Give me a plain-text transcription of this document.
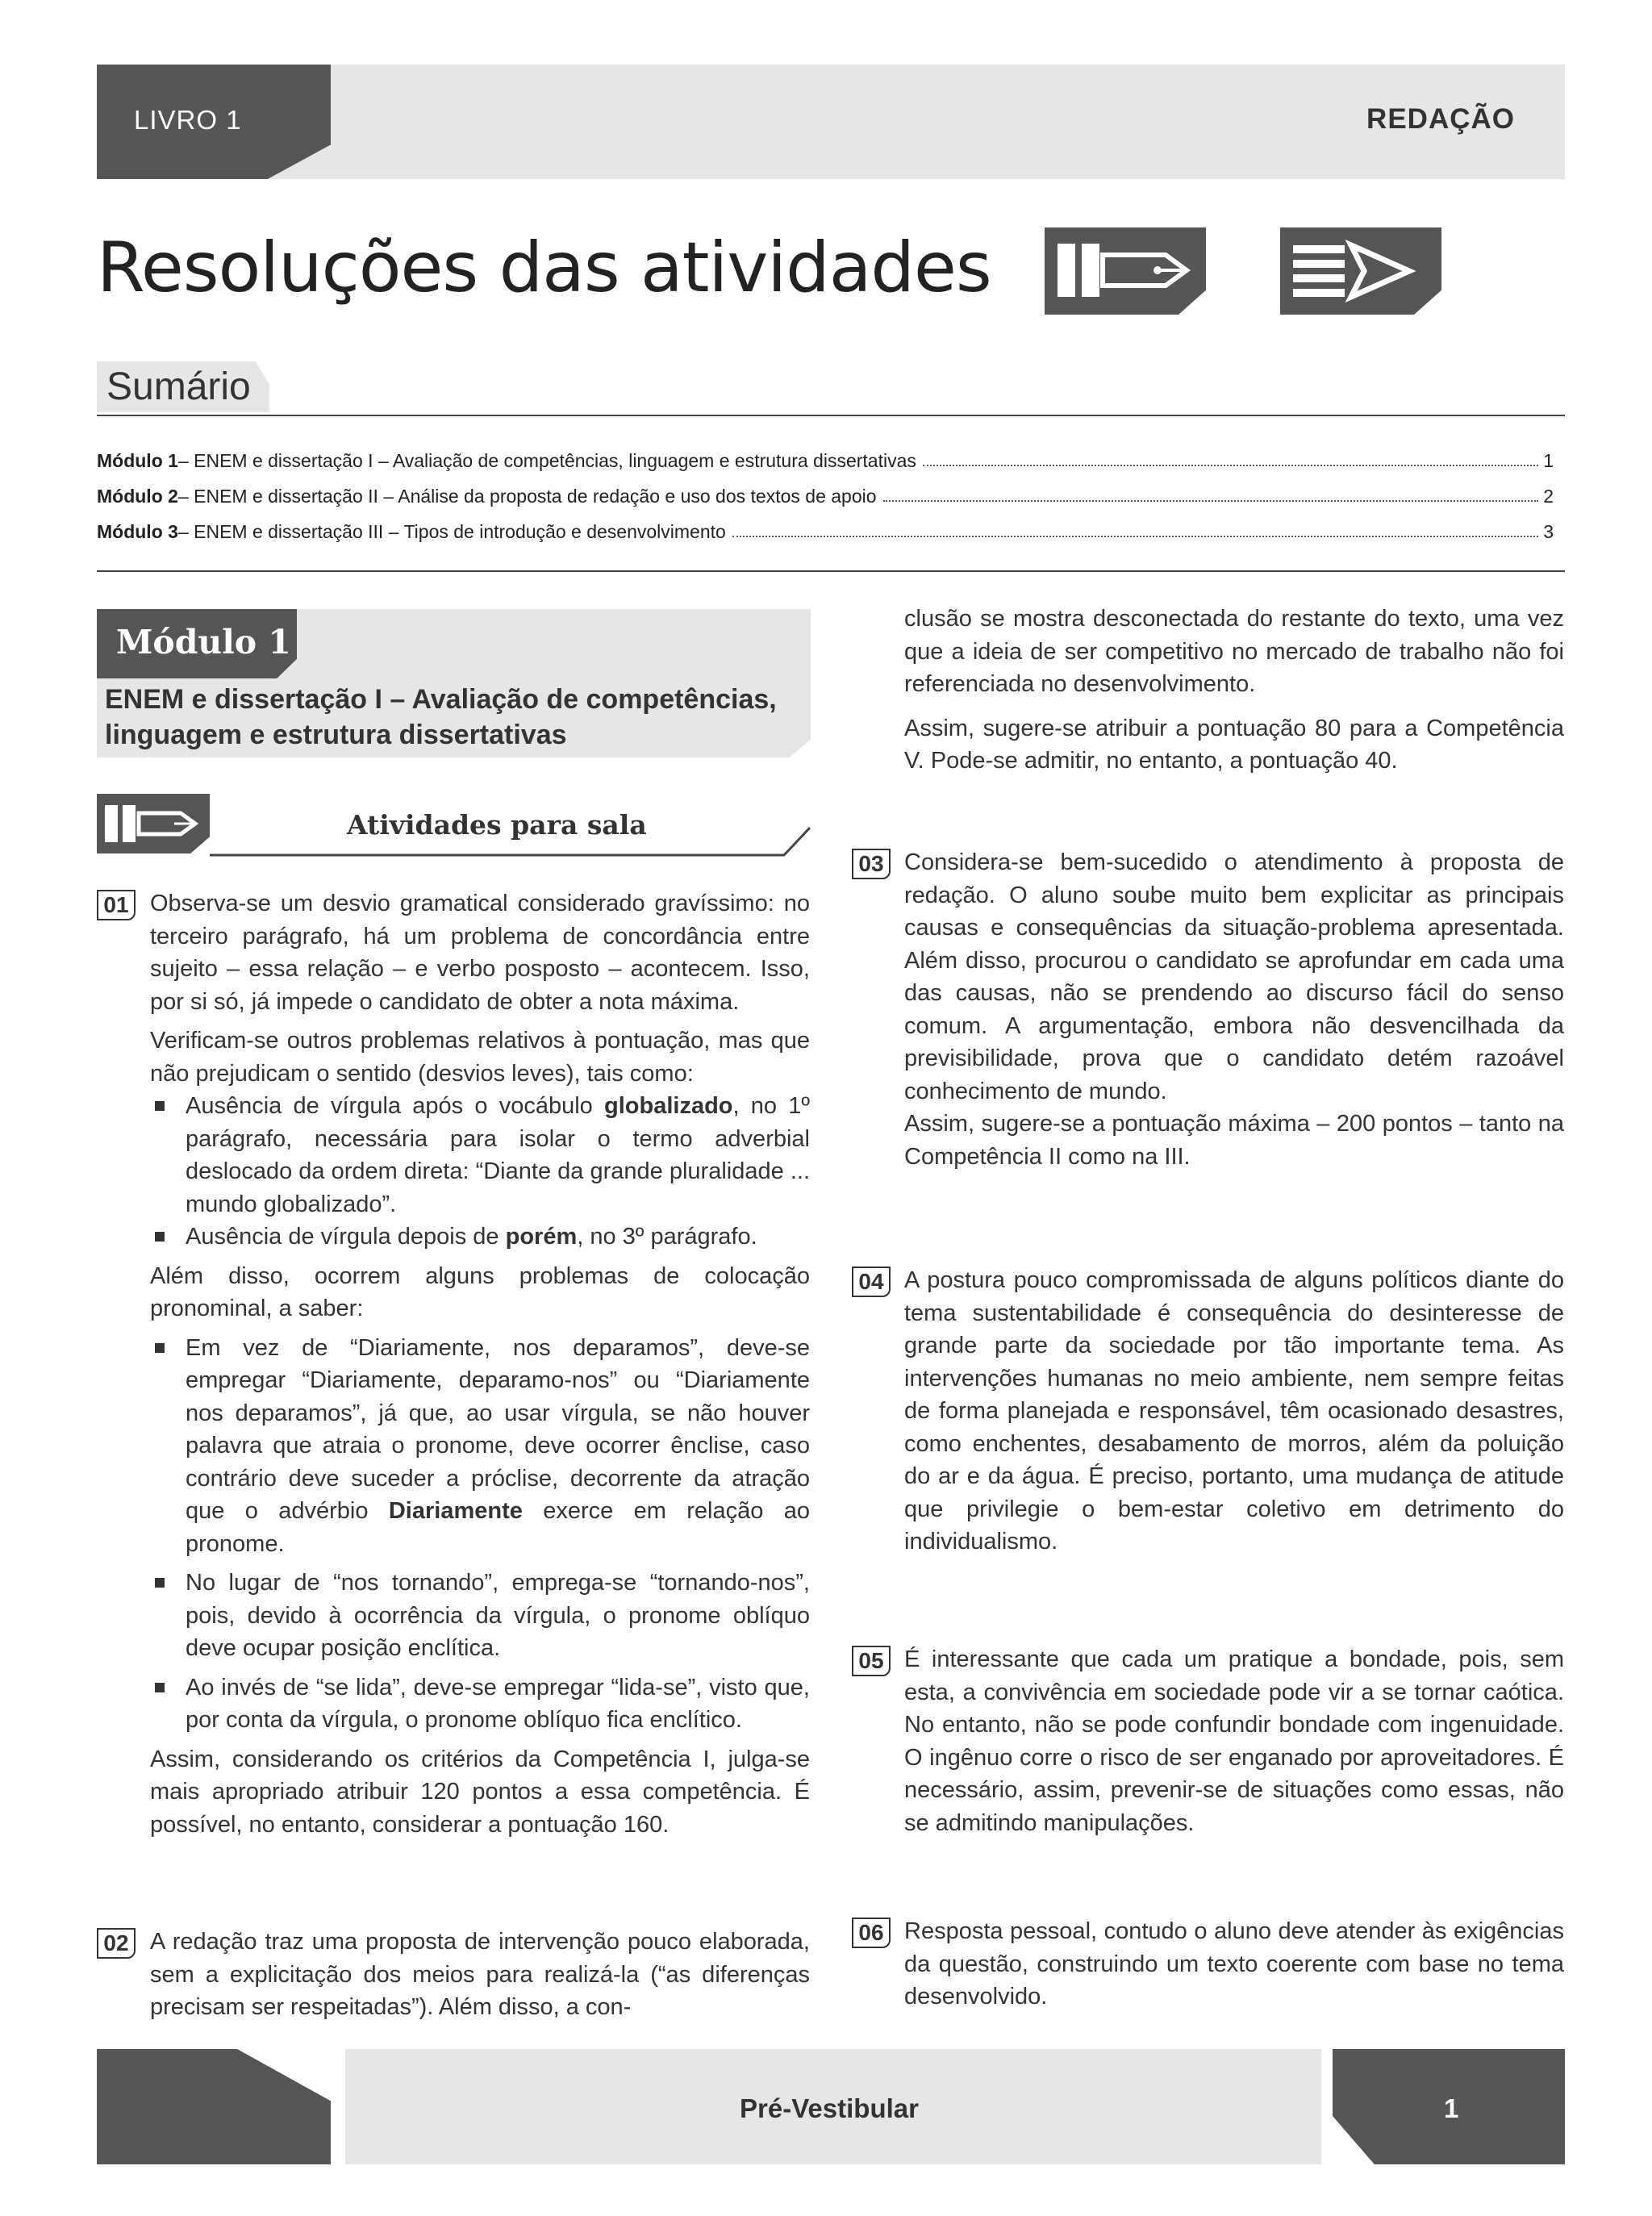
LIVRO 1	REDAÇÃO
Resoluções das atividades
Sumário
Módulo 1 – ENEM e dissertação I – Avaliação de competências, linguagem e estrutura dissertativas	1
Módulo 2 – ENEM e dissertação II – Análise da proposta de redação e uso dos textos de apoio	2
Módulo 3 – ENEM e dissertação III – Tipos de introdução e desenvolvimento	3
Módulo 1
ENEM e dissertação I – Avaliação de competências, linguagem e estrutura dissertativas
Atividades para sala
01 Observa-se um desvio gramatical considerado gravíssimo: no terceiro parágrafo, há um problema de concordância entre sujeito – essa relação – e verbo posposto – acontecem. Isso, por si só, já impede o candidato de obter a nota máxima.

Verificam-se outros problemas relativos à pontuação, mas que não prejudicam o sentido (desvios leves), tais como:

Ausência de vírgula após o vocábulo globalizado, no 1º parágrafo, necessária para isolar o termo adverbial deslocado da ordem direta: “Diante da grande pluralidade ... mundo globalizado”.
Ausência de vírgula depois de porém, no 3º parágrafo.

Além disso, ocorrem alguns problemas de colocação pronominal, a saber:

Em vez de “Diariamente, nos deparamos”, deve-se empregar “Diariamente, deparamo-nos” ou “Diariamente nos deparamos”, já que, ao usar vírgula, se não houver palavra que atraia o pronome, deve ocorrer ênclise, caso contrário deve suceder a próclise, decorrente da atração que o advérbio Diariamente exerce em relação ao pronome.
No lugar de “nos tornando”, emprega-se “tornando-nos”, pois, devido à ocorrência da vírgula, o pronome oblíquo deve ocupar posição enclítica.
Ao invés de “se lida”, deve-se empregar “lida-se”, visto que, por conta da vírgula, o pronome oblíquo fica enclítico.

Assim, considerando os critérios da Competência I, julga-se mais apropriado atribuir 120 pontos a essa competência. É possível, no entanto, considerar a pontuação 160.

02 A redação traz uma proposta de intervenção pouco elaborada, sem a explicitação dos meios para realizá-la (“as diferenças precisam ser respeitadas”). Além disso, a con-

clusão se mostra desconectada do restante do texto, uma vez que a ideia de ser competitivo no mercado de trabalho não foi referenciada no desenvolvimento.

Assim, sugere-se atribuir a pontuação 80 para a Competência V. Pode-se admitir, no entanto, a pontuação 40.

03 Considera-se bem-sucedido o atendimento à proposta de redação. O aluno soube muito bem explicitar as principais causas e consequências da situação-problema apresentada. Além disso, procurou o candidato se aprofundar em cada uma das causas, não se prendendo ao discurso fácil do senso comum. A argumentação, embora não desvencilhada da previsibilidade, prova que o candidato detém razoável conhecimento de mundo.

Assim, sugere-se a pontuação máxima – 200 pontos – tanto na Competência II como na III.

04 A postura pouco compromissada de alguns políticos diante do tema sustentabilidade é consequência do desinteresse de grande parte da sociedade por tão importante tema. As intervenções humanas no meio ambiente, nem sempre feitas de forma planejada e responsável, têm ocasionado desastres, como enchentes, desabamento de morros, além da poluição do ar e da água. É preciso, portanto, uma mudança de atitude que privilegie o bem-estar coletivo em detrimento do individualismo.

05 É interessante que cada um pratique a bondade, pois, sem esta, a convivência em sociedade pode vir a se tornar caótica. No entanto, não se pode confundir bondade com ingenuidade. O ingênuo corre o risco de ser enganado por aproveitadores. É necessário, assim, prevenir-se de situações como essas, não se admitindo manipulações.

06 Resposta pessoal, contudo o aluno deve atender às exigências da questão, construindo um texto coerente com base no tema desenvolvido.

Pré-Vestibular	1
